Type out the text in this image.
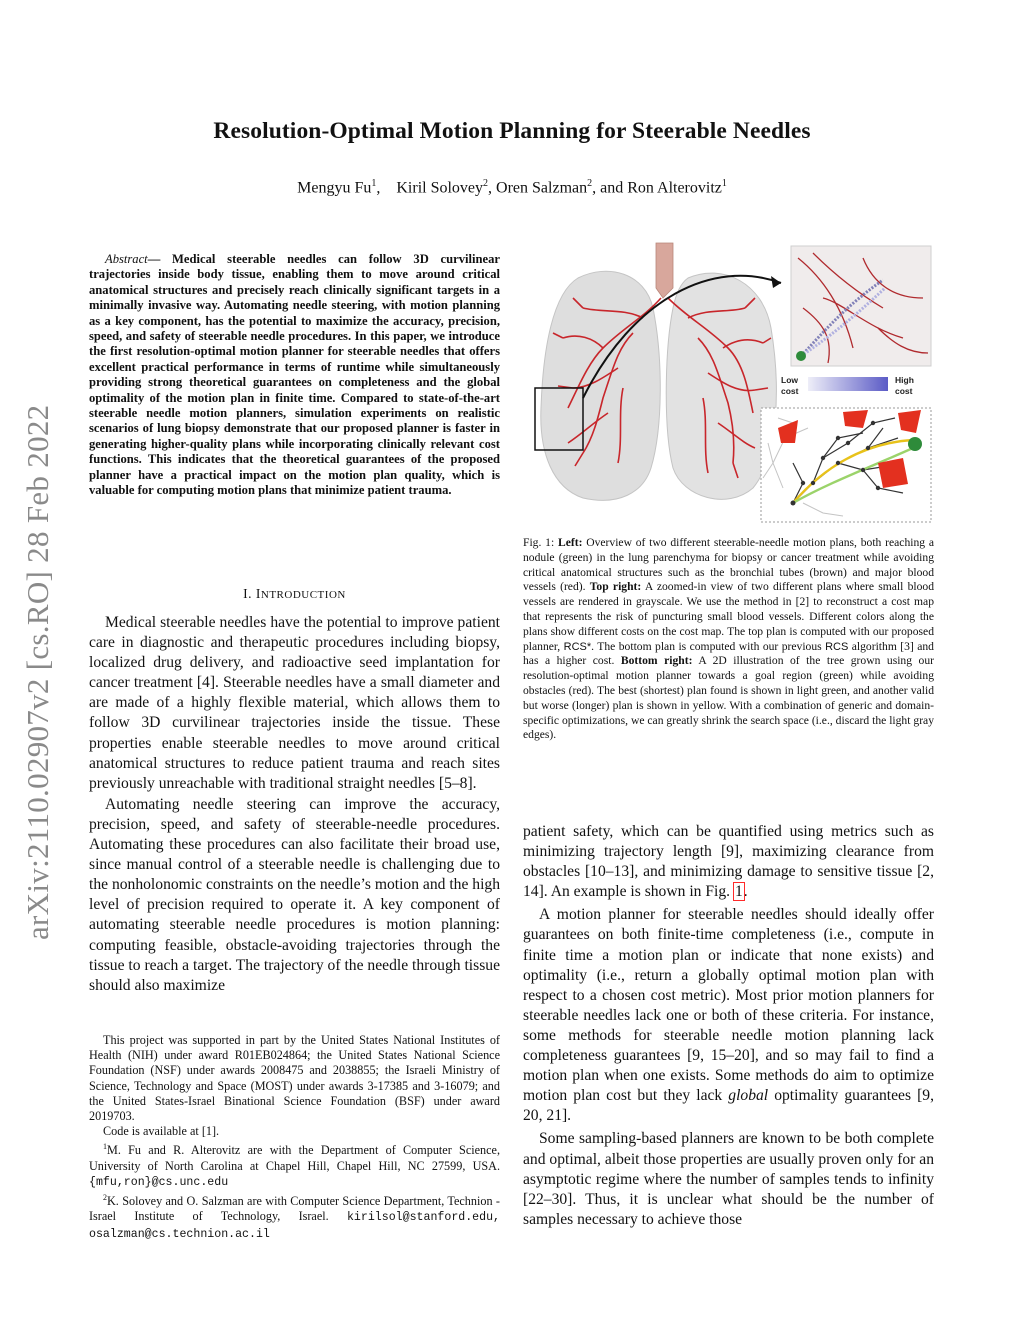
Resolution-Optimal Motion Planning for Steerable Needles
Mengyu Fu$^1$,    Kiril Solovey$^2$, Oren Salzman$^2$, and Ron Alterovitz$^1$
arXiv:2110.02907v2 [cs.RO] 28 Feb 2022
Abstract— Medical steerable needles can follow 3D curvilinear trajectories inside body tissue, enabling them to move around critical anatomical structures and precisely reach clinically significant targets in a minimally invasive way. Automating needle steering, with motion planning as a key component, has the potential to maximize the accuracy, precision, speed, and safety of steerable needle procedures. In this paper, we introduce the first resolution-optimal motion planner for steerable needles that offers excellent practical performance in terms of runtime while simultaneously providing strong theoretical guarantees on completeness and the global optimality of the motion plan in finite time. Compared to state-of-the-art steerable needle motion planners, simulation experiments on realistic scenarios of lung biopsy demonstrate that our proposed planner is faster in generating higher-quality plans while incorporating clinically relevant cost functions. This indicates that the theoretical guarantees of the proposed planner have a practical impact on the motion plan quality, which is valuable for computing motion plans that minimize patient trauma.
I. INTRODUCTION

Medical steerable needles have the potential to improve patient care in diagnostic and therapeutic procedures including biopsy, localized drug delivery, and radioactive seed implantation for cancer treatment [4]. Steerable needles have a small diameter and are made of a highly flexible material, which allows them to follow 3D curvilinear trajectories inside the tissue. These properties enable steerable needles to move around critical anatomical structures to reduce patient trauma and reach sites previously unreachable with traditional straight needles [5–8].

Automating needle steering can improve the accuracy, precision, speed, and safety of steerable-needle procedures. Automating these procedures can also facilitate their broad use, since manual control of a steerable needle is challenging due to the nonholonomic constraints on the needle’s motion and the high level of precision required to operate it. A key component of automating steerable needle procedures is motion planning: computing feasible, obstacle-avoiding trajectories through the tissue to reach a target. The trajectory of the needle through tissue should also maximize

This project was supported in part by the United States National Institutes of Health (NIH) under award R01EB024864; the United States National Science Foundation (NSF) under awards 2008475 and 2038855; the Israeli Ministry of Science, Technology and Space (MOST) under awards 3-17385 and 3-16079; and the United States-Israel Binational Science Foundation (BSF) under award 2019703.

Code is available at [1].

$^1$M. Fu and R. Alterovitz are with the Department of Computer Science, University of North Carolina at Chapel Hill, Chapel Hill, NC 27599, USA. {mfu,ron}@cs.unc.edu

$^2$K. Solovey and O. Salzman are with Computer Science Department, Technion - Israel Institute of Technology, Israel. kirilsol@stanford.edu, osalzman@cs.technion.ac.il

Low
cost
High
cost
Fig. 1: Left: Overview of two different steerable-needle motion plans, both reaching a nodule (green) in the lung parenchyma for biopsy or cancer treatment while avoiding critical anatomical structures such as the bronchial tubes (brown) and major blood vessels (red). Top right: A zoomed-in view of two different plans where small blood vessels are rendered in grayscale. We use the method in [2] to reconstruct a cost map that represents the risk of puncturing small blood vessels. Different colors along the plans show different costs on the cost map. The top plan is computed with our proposed planner, RCS*. The bottom plan is computed with our previous RCS algorithm [3] and has a higher cost. Bottom right: A 2D illustration of the tree grown using our resolution-optimal motion planner towards a goal region (green) while avoiding obstacles (red). The best (shortest) plan found is shown in light green, and another valid but worse (longer) plan is shown in yellow. With a combination of generic and domain-specific optimizations, we can greatly shrink the search space (i.e., discard the light gray edges).

patient safety, which can be quantified using metrics such as minimizing trajectory length [9], maximizing clearance from obstacles [10–13], and minimizing damage to sensitive tissue [2, 14]. An example is shown in Fig. 1.

A motion planner for steerable needles should ideally offer guarantees on both finite-time completeness (i.e., compute in finite time a motion plan or indicate that none exists) and optimality (i.e., return a globally optimal motion plan with respect to a chosen cost metric). Most prior motion planners for steerable needles lack one or both of these criteria. For instance, some methods for steerable needle motion planning lack completeness guarantees [9, 15–20], and so may fail to find a motion plan when one exists. Some methods do aim to optimize motion plan cost but they lack global optimality guarantees [9, 20, 21].

Some sampling-based planners are known to be both complete and optimal, albeit those properties are usually proven only for an asymptotic regime where the number of samples tends to infinity [22–30]. Thus, it is unclear what should be the number of samples necessary to achieve those
